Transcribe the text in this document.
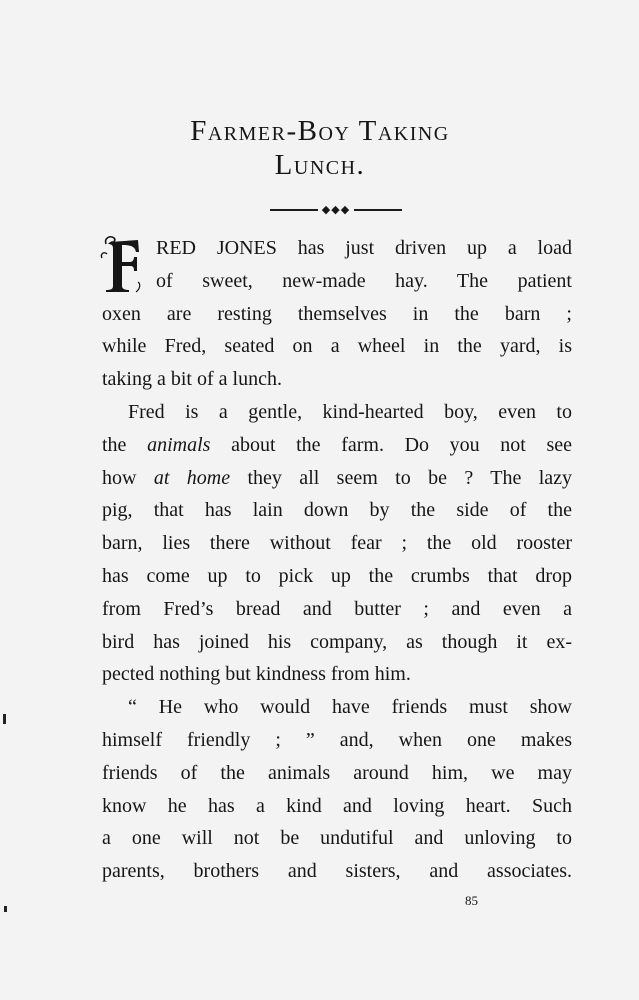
Farmer-Boy Taking
Lunch.
◆◆◆
RED JONES has just driven up a load
of sweet, new-made hay. The patient
oxen are resting themselves in the barn ;
while Fred, seated on a wheel in the yard, is
taking a bit of a lunch.
Fred is a gentle, kind-hearted boy, even to
the animals about the farm. Do you not see
how at home they all seem to be ? The lazy
pig, that has lain down by the side of the
barn, lies there without fear ; the old rooster
has come up to pick up the crumbs that drop
from Fred’s bread and butter ; and even a
bird has joined his company, as though it ex-
pected nothing but kindness from him.
“ He who would have friends must show
himself friendly ; ” and, when one makes
friends of the animals around him, we may
know he has a kind and loving heart. Such
a one will not be undutiful and unloving to
parents, brothers and sisters, and associates.
85
